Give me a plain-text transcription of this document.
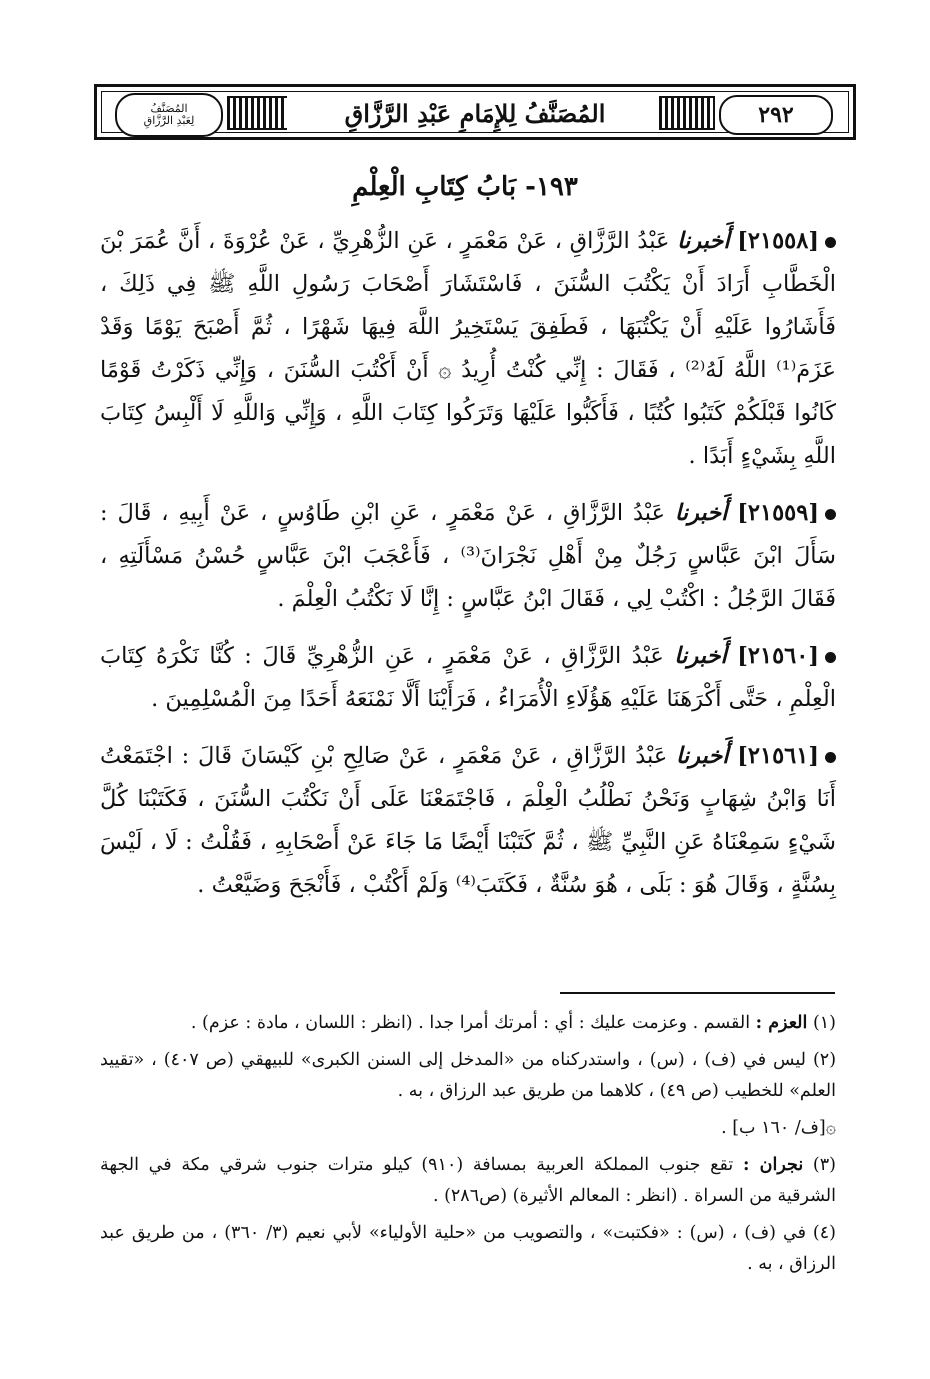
المُصَنَّفُ
لِعَبْدِ الرَّزَّاقِ	المُصَنَّفُ لِلإِمَامِ عَبْدِ الرَّزَّاقِ	٢٩٢
١٩٣- بَابُ كِتَابِ الْعِلْمِ

[٢١٥٥٨] أَخبرنا عَبْدُ الرَّزَّاقِ ، عَنْ مَعْمَرٍ ، عَنِ الزُّهْرِيِّ ، عَنْ عُرْوَةَ ، أَنَّ عُمَرَ بْنَ الْخَطَّابِ أَرَادَ أَنْ يَكْتُبَ السُّنَنَ ، فَاسْتَشَارَ أَصْحَابَ رَسُولِ اللَّهِ ﷺ فِي ذَلِكَ ، فَأَشَارُوا عَلَيْهِ أَنْ يَكْتُبَهَا ، فَطَفِقَ يَسْتَخِيرُ اللَّهَ فِيهَا شَهْرًا ، ثُمَّ أَصْبَحَ يَوْمًا وَقَدْ عَزَمَ⁽¹⁾ اللَّهُ لَهُ⁽²⁾ ، فَقَالَ : إِنِّي كُنْتُ أُرِيدُ ۞ أَنْ أَكْتُبَ السُّنَنَ ، وَإِنِّي ذَكَرْتُ قَوْمًا كَانُوا قَبْلَكُمْ كَتَبُوا كُتُبًا ، فَأَكَبُّوا عَلَيْهَا وَتَرَكُوا كِتَابَ اللَّهِ ، وَإِنِّي وَاللَّهِ لَا أَلْبِسُ كِتَابَ اللَّهِ بِشَيْءٍ أَبَدًا .

[٢١٥٥٩] أَخبرنا عَبْدُ الرَّزَّاقِ ، عَنْ مَعْمَرٍ ، عَنِ ابْنِ طَاوُسٍ ، عَنْ أَبِيهِ ، قَالَ : سَأَلَ ابْنَ عَبَّاسٍ رَجُلٌ مِنْ أَهْلِ نَجْرَانَ⁽³⁾ ، فَأَعْجَبَ ابْنَ عَبَّاسٍ حُسْنُ مَسْأَلَتِهِ ، فَقَالَ الرَّجُلُ : اكْتُبْ لِي ، فَقَالَ ابْنُ عَبَّاسٍ : إِنَّا لَا نَكْتُبُ الْعِلْمَ .

[٢١٥٦٠] أَخبرنا عَبْدُ الرَّزَّاقِ ، عَنْ مَعْمَرٍ ، عَنِ الزُّهْرِيِّ قَالَ : كُنَّا نَكْرَهُ كِتَابَ الْعِلْمِ ، حَتَّى أَكْرَهَنَا عَلَيْهِ هَؤُلَاءِ الْأُمَرَاءُ ، فَرَأَيْنَا أَلَّا نَمْنَعَهُ أَحَدًا مِنَ الْمُسْلِمِينَ .

[٢١٥٦١] أَخبرنا عَبْدُ الرَّزَّاقِ ، عَنْ مَعْمَرٍ ، عَنْ صَالِحِ بْنِ كَيْسَانَ قَالَ : اجْتَمَعْتُ أَنَا وَابْنُ شِهَابٍ وَنَحْنُ نَطْلُبُ الْعِلْمَ ، فَاجْتَمَعْنَا عَلَى أَنْ نَكْتُبَ السُّنَنَ ، فَكَتَبْنَا كُلَّ شَيْءٍ سَمِعْنَاهُ عَنِ النَّبِيِّ ﷺ ، ثُمَّ كَتَبْنَا أَيْضًا مَا جَاءَ عَنْ أَصْحَابِهِ ، فَقُلْتُ : لَا ، لَيْسَ بِسُنَّةٍ ، وَقَالَ هُوَ : بَلَى ، هُوَ سُنَّةٌ ، فَكَتَبَ⁽⁴⁾ وَلَمْ أَكْتُبْ ، فَأَنْجَحَ وَضَيَّعْتُ .

(١) العزم : القسم . وعزمت عليك : أي : أمرتك أمرا جدا . (انظر : اللسان ، مادة : عزم) .

(٢) ليس في (ف) ، (س) ، واستدركناه من «المدخل إلى السنن الكبرى» للبيهقي (ص ٤٠٧) ، «تقييد العلم» للخطيب (ص ٤٩) ، كلاهما من طريق عبد الرزاق ، به .

۞[ف/ ١٦٠ ب] .

(٣) نجران : تقع جنوب المملكة العربية بمسافة (٩١٠) كيلو مترات جنوب شرقي مكة في الجهة الشرقية من السراة . (انظر : المعالم الأثيرة) (ص٢٨٦) .

(٤) في (ف) ، (س) : «فكتبت» ، والتصويب من «حلية الأولياء» لأبي نعيم (٣/ ٣٦٠) ، من طريق عبد الرزاق ، به .
